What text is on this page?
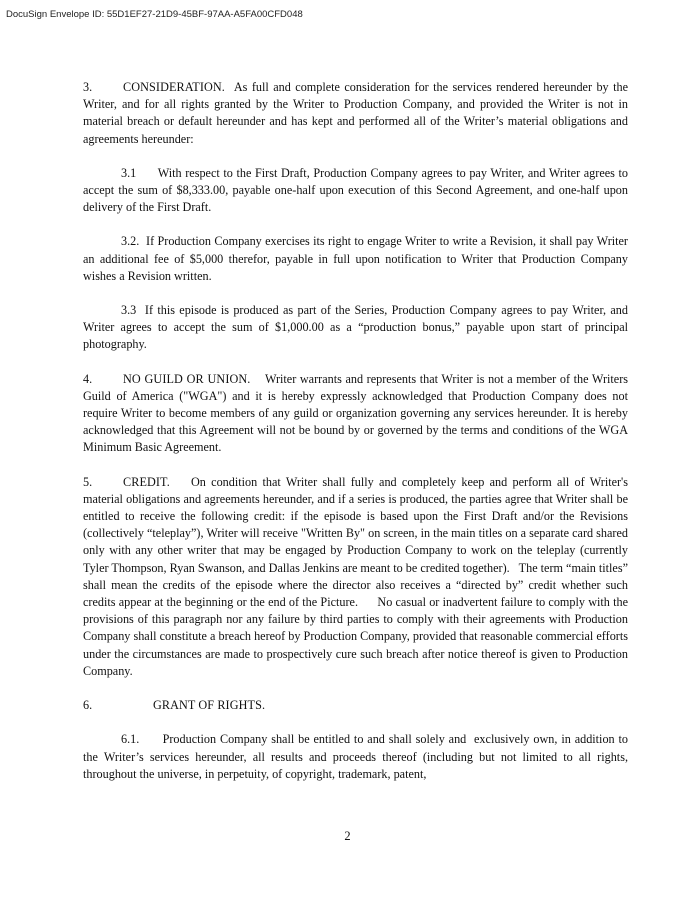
DocuSign Envelope ID: 55D1EF27-21D9-45BF-97AA-A5FA00CFD048

3.	CONSIDERATION. As full and complete consideration for the services rendered hereunder by the Writer, and for all rights granted by the Writer to Production Company, and provided the Writer is not in material breach or default hereunder and has kept and performed all of the Writer’s material obligations and agreements hereunder:

3.1      With respect to the First Draft, Production Company agrees to pay Writer, and Writer agrees to accept the sum of $8,333.00, payable one-half upon execution of this Second Agreement, and one-half upon delivery of the First Draft.

3.2.  If Production Company exercises its right to engage Writer to write a Revision, it shall pay Writer an additional fee of $5,000 therefor, payable in full upon notification to Writer that Production Company wishes a Revision written.

3.3  If this episode is produced as part of the Series, Production Company agrees to pay Writer, and Writer agrees to accept the sum of $1,000.00 as a “production bonus,” payable upon start of principal photography.

4.	NO GUILD OR UNION. Writer warrants and represents that Writer is not a member of the Writers Guild of America ("WGA") and it is hereby expressly acknowledged that Production Company does not require Writer to become members of any guild or organization governing any services hereunder. It is hereby acknowledged that this Agreement will not be bound by or governed by the terms and conditions of the WGA Minimum Basic Agreement.

5.	CREDIT. On condition that Writer shall fully and completely keep and perform all of Writer's material obligations and agreements hereunder, and if a series is produced, the parties agree that Writer shall be entitled to receive the following credit: if the episode is based upon the First Draft and/or the Revisions  (collectively “teleplay”), Writer will receive "Written By" on screen, in the main titles on a separate card shared only with any other writer that may be engaged by Production Company to work on the teleplay (currently Tyler Thompson, Ryan Swanson, and Dallas Jenkins are meant to be credited together).   The term “main titles” shall mean the credits of the episode where the director also receives a “directed by” credit whether such credits appear at the beginning or the end of the Picture.      No casual or inadvertent failure to comply with the provisions of this paragraph nor any failure by third parties to comply with their agreements with Production Company shall constitute a breach hereof by Production Company, provided that reasonable commercial efforts under the circumstances are made to prospectively cure such breach after notice thereof is given to Production Company.

6.	GRANT OF RIGHTS.

6.1.      Production Company shall be entitled to and shall solely and  exclusively own, in addition to the Writer’s services hereunder, all results and proceeds thereof (including but not limited to all rights, throughout the universe, in perpetuity, of copyright, trademark, patent,

2
